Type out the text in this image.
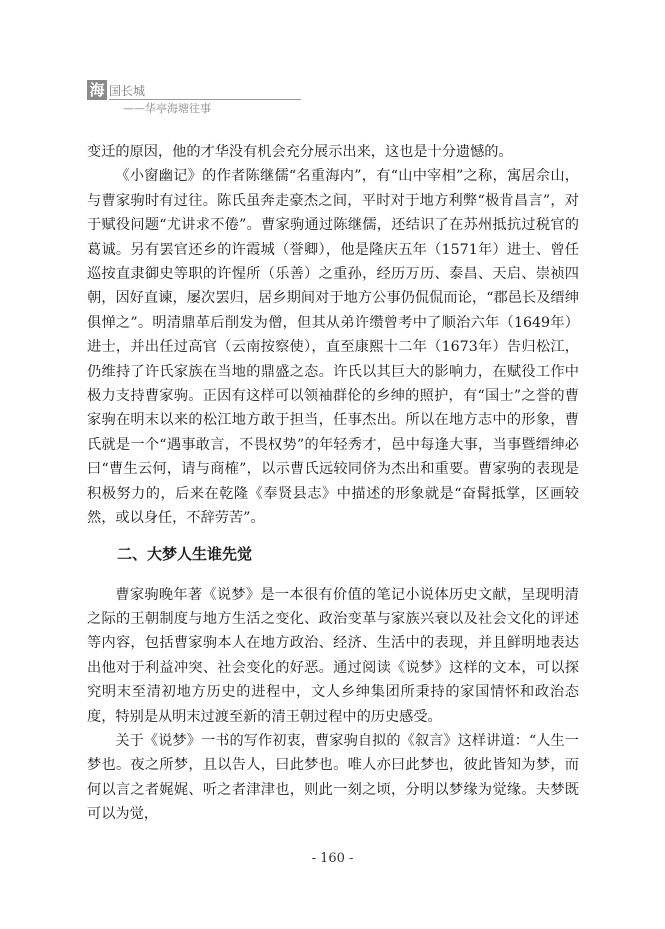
海 国长城
——华亭海塘往事

变迁的原因，他的才华没有机会充分展示出来，这也是十分遗憾的。

《小窗幽记》的作者陈继儒“名重海内”，有“山中宰相”之称，寓居佘山，与曹家驹时有过往。陈氏虽奔走豪杰之间，平时对于地方利弊“极肯昌言”，对于赋役问题“尤讲求不倦”。曹家驹通过陈继儒，还结识了在苏州抵抗过税官的葛诚。另有罢官还乡的许霞城（誉卿），他是隆庆五年（1571年）进士、曾任巡按直隶御史等职的许惺所（乐善）之重孙，经历万历、泰昌、天启、崇祯四朝，因好直谏，屡次罢归，居乡期间对于地方公事仍侃侃而论，“郡邑长及缙绅俱惮之”。明清鼎革后削发为僧，但其从弟许缵曾考中了顺治六年（1649年）进士，并出任过高官（云南按察使），直至康熙十二年（1673年）告归松江，仍维持了许氏家族在当地的鼎盛之态。许氏以其巨大的影响力，在赋役工作中极力支持曹家驹。正因有这样可以领袖群伦的乡绅的照护，有“国士”之誉的曹家驹在明末以来的松江地方敢于担当，任事杰出。所以在地方志中的形象，曹氏就是一个“遇事敢言，不畏权势”的年轻秀才，邑中每逢大事，当事暨缙绅必曰“曹生云何，请与商榷”，以示曹氏远较同侪为杰出和重要。曹家驹的表现是积极努力的，后来在乾隆《奉贤县志》中描述的形象就是“奋髯抵掌，区画较然，或以身任，不辞劳苦”。

二、大梦人生谁先觉

曹家驹晚年著《说梦》是一本很有价值的笔记小说体历史文献，呈现明清之际的王朝制度与地方生活之变化、政治变革与家族兴衰以及社会文化的评述等内容，包括曹家驹本人在地方政治、经济、生活中的表现，并且鲜明地表达出他对于利益冲突、社会变化的好恶。通过阅读《说梦》这样的文本，可以探究明末至清初地方历史的进程中，文人乡绅集团所秉持的家国情怀和政治态度，特别是从明末过渡至新的清王朝过程中的历史感受。

关于《说梦》一书的写作初衷，曹家驹自拟的《叙言》这样讲道：“人生一梦也。夜之所梦，且以告人，曰此梦也。唯人亦曰此梦也，彼此皆知为梦，而何以言之者娓娓、听之者津津也，则此一刻之顷，分明以梦缘为觉缘。夫梦既可以为觉，

- 160 -
